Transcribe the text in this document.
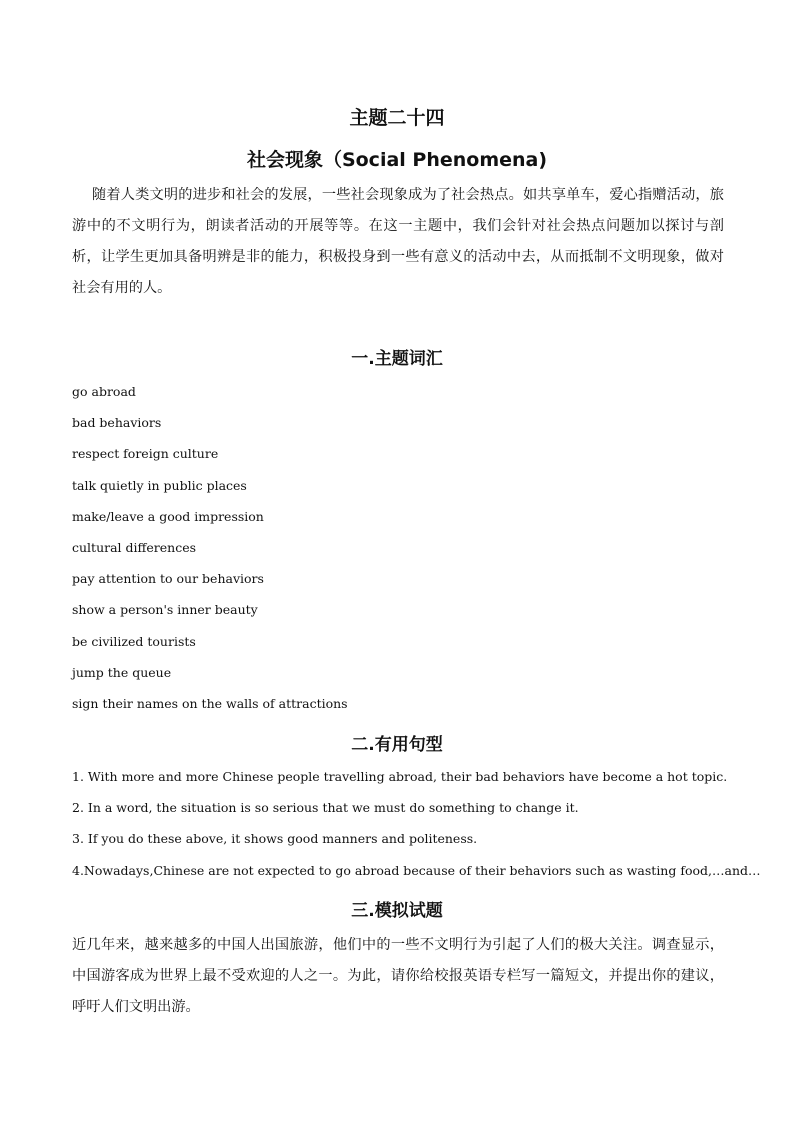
主题二十四
社会现象（Social Phenomena)

随着人类文明的进步和社会的发展，一些社会现象成为了社会热点。如共享单车，爱心指赠活动，旅游中的不文明行为，朗读者活动的开展等等。在这一主题中，我们会针对社会热点问题加以探讨与剖析，让学生更加具备明辨是非的能力，积极投身到一些有意义的活动中去，从而抵制不文明现象，做对社会有用的人。

一.主题词汇
go abroad
bad behaviors
respect foreign culture
talk quietly in public places
make/leave a good impression
cultural differences
pay attention to our behaviors
show a person's inner beauty
be civilized tourists
jump the queue
sign their names on the walls of attractions
二.有用句型
1. With more and more Chinese people travelling abroad, their bad behaviors have become a hot topic.
2. In a word, the situation is so serious that we must do something to change it.
3. If you do these above, it shows good manners and politeness.
4.Nowadays,Chinese are not expected to go abroad because of their behaviors such as wasting food,…and…
三.模拟试题

近几年来，越来越多的中国人出国旅游，他们中的一些不文明行为引起了人们的极大关注。调查显示，中国游客成为世界上最不受欢迎的人之一。为此，请你给校报英语专栏写一篇短文，并提出你的建议，呼吁人们文明出游。
